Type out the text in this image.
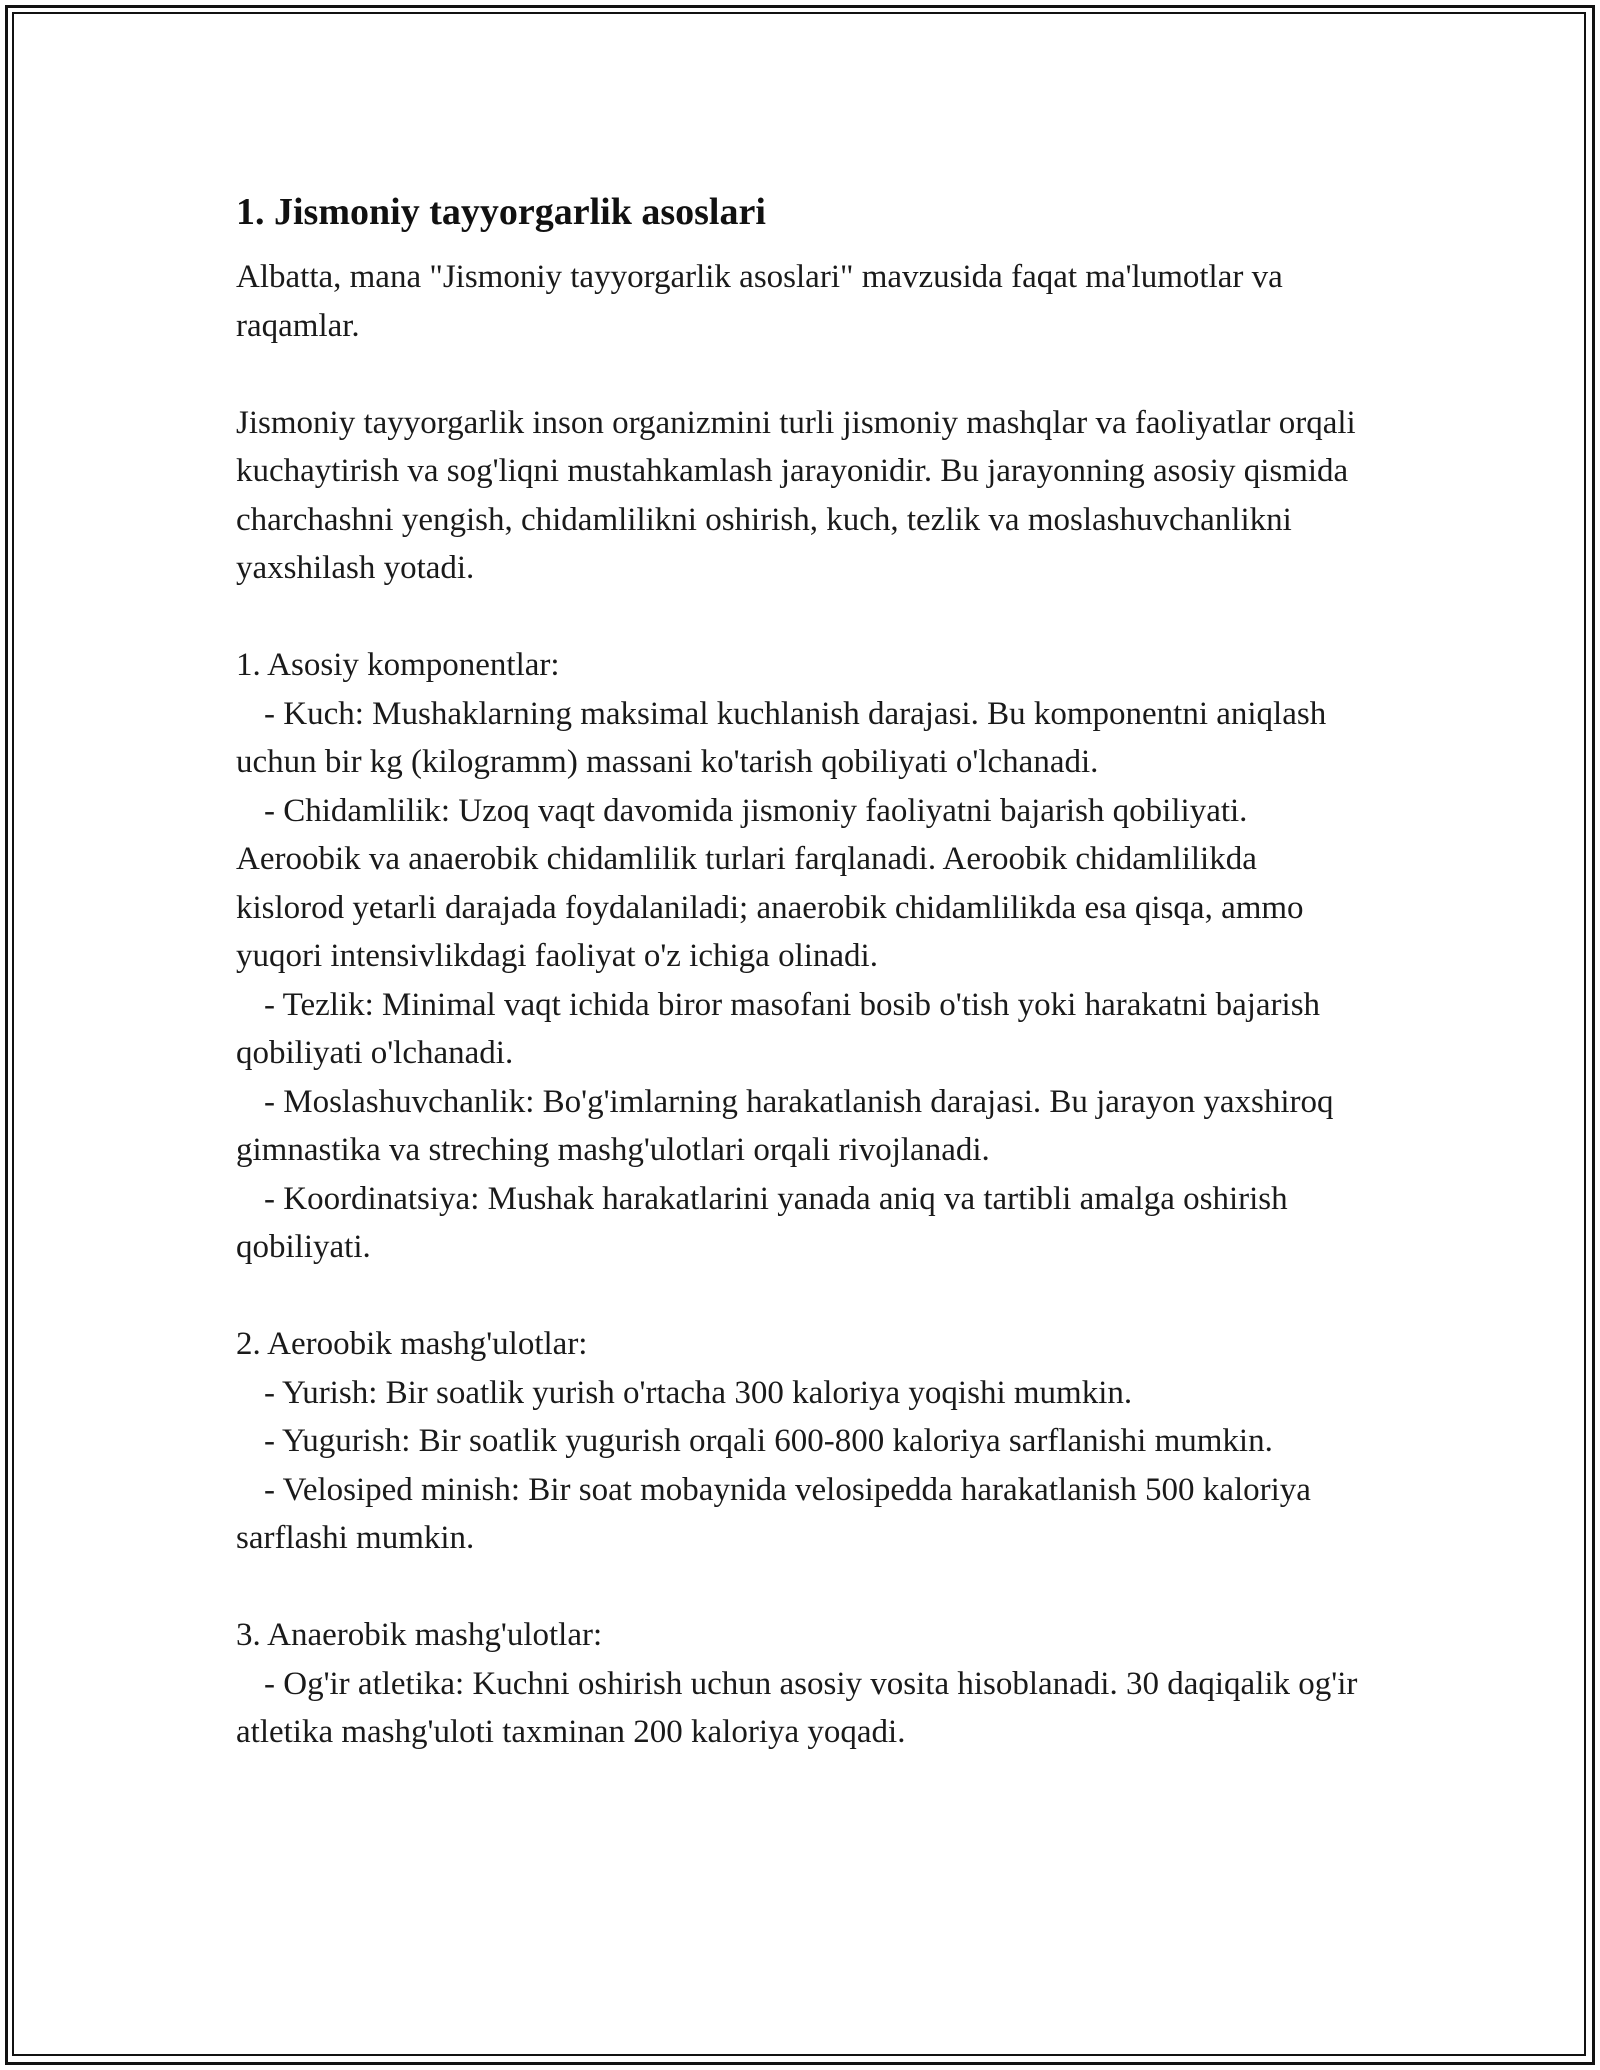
1. Jismoniy tayyorgarlik asoslari

Albatta, mana "Jismoniy tayyorgarlik asoslari" mavzusida faqat ma'lumotlar va raqamlar.

Jismoniy tayyorgarlik inson organizmini turli jismoniy mashqlar va faoliyatlar orqali kuchaytirish va sog'liqni mustahkamlash jarayonidir. Bu jarayonning asosiy qismida charchashni yengish, chidamlilikni oshirish, kuch, tezlik va moslashuvchanlikni yaxshilash yotadi.

1. Asosiy komponentlar:

- Kuch: Mushaklarning maksimal kuchlanish darajasi. Bu komponentni aniqlash uchun bir kg (kilogramm) massani ko'tarish qobiliyati o'lchanadi.

- Chidamlilik: Uzoq vaqt davomida jismoniy faoliyatni bajarish qobiliyati. Aeroobik va anaerobik chidamlilik turlari farqlanadi. Aeroobik chidamlilikda kislorod yetarli darajada foydalaniladi; anaerobik chidamlilikda esa qisqa, ammo yuqori intensivlikdagi faoliyat o'z ichiga olinadi.

- Tezlik: Minimal vaqt ichida biror masofani bosib o'tish yoki harakatni bajarish qobiliyati o'lchanadi.

- Moslashuvchanlik: Bo'g'imlarning harakatlanish darajasi. Bu jarayon yaxshiroq gimnastika va streching mashg'ulotlari orqali rivojlanadi.

- Koordinatsiya: Mushak harakatlarini yanada aniq va tartibli amalga oshirish qobiliyati.

2. Aeroobik mashg'ulotlar:

- Yurish: Bir soatlik yurish o'rtacha 300 kaloriya yoqishi mumkin.

- Yugurish: Bir soatlik yugurish orqali 600-800 kaloriya sarflanishi mumkin.

- Velosiped minish: Bir soat mobaynida velosipedda harakatlanish 500 kaloriya sarflashi mumkin.

3. Anaerobik mashg'ulotlar:

- Og'ir atletika: Kuchni oshirish uchun asosiy vosita hisoblanadi. 30 daqiqalik og'ir atletika mashg'uloti taxminan 200 kaloriya yoqadi.
